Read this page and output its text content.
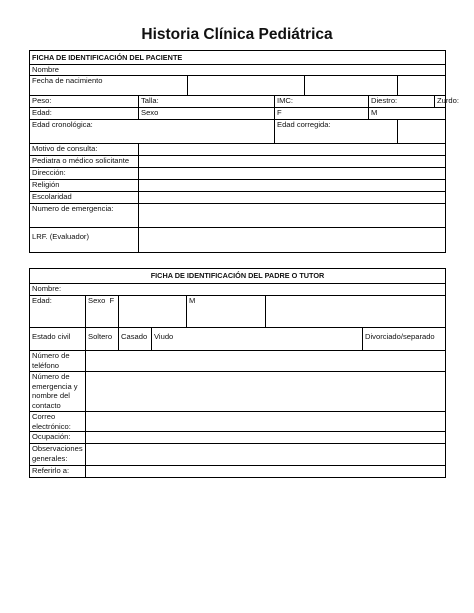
Historia Clínica Pediátrica
FICHA DE IDENTIFICACIÓN DEL PACIENTE							
Nombre							
Fecha de nacimiento							
Peso:	Talla:		IMC:		Diestro:		Zurdo:
Edad:	Sexo		F		M		
Edad cronológica:			Edad corregida:				
Motivo de consulta:							
Pediatra o médico solicitante							
Dirección:							
Religión							
Escolaridad							
Numero de emergencia:							
LRF. (Evaluador)							
FICHA DE IDENTIFICACIÓN DEL PADRE O TUTOR						
Nombre:						
Edad:	Sexo F			M		
Estado civil	Soltero	Casado	Viudo			Divorciado/separado
Número de teléfono						
Número de emergencia y nombre del contacto						
Correo electrónico:						
Ocupación:						
Observaciones generales:						
Referirlo a:						
